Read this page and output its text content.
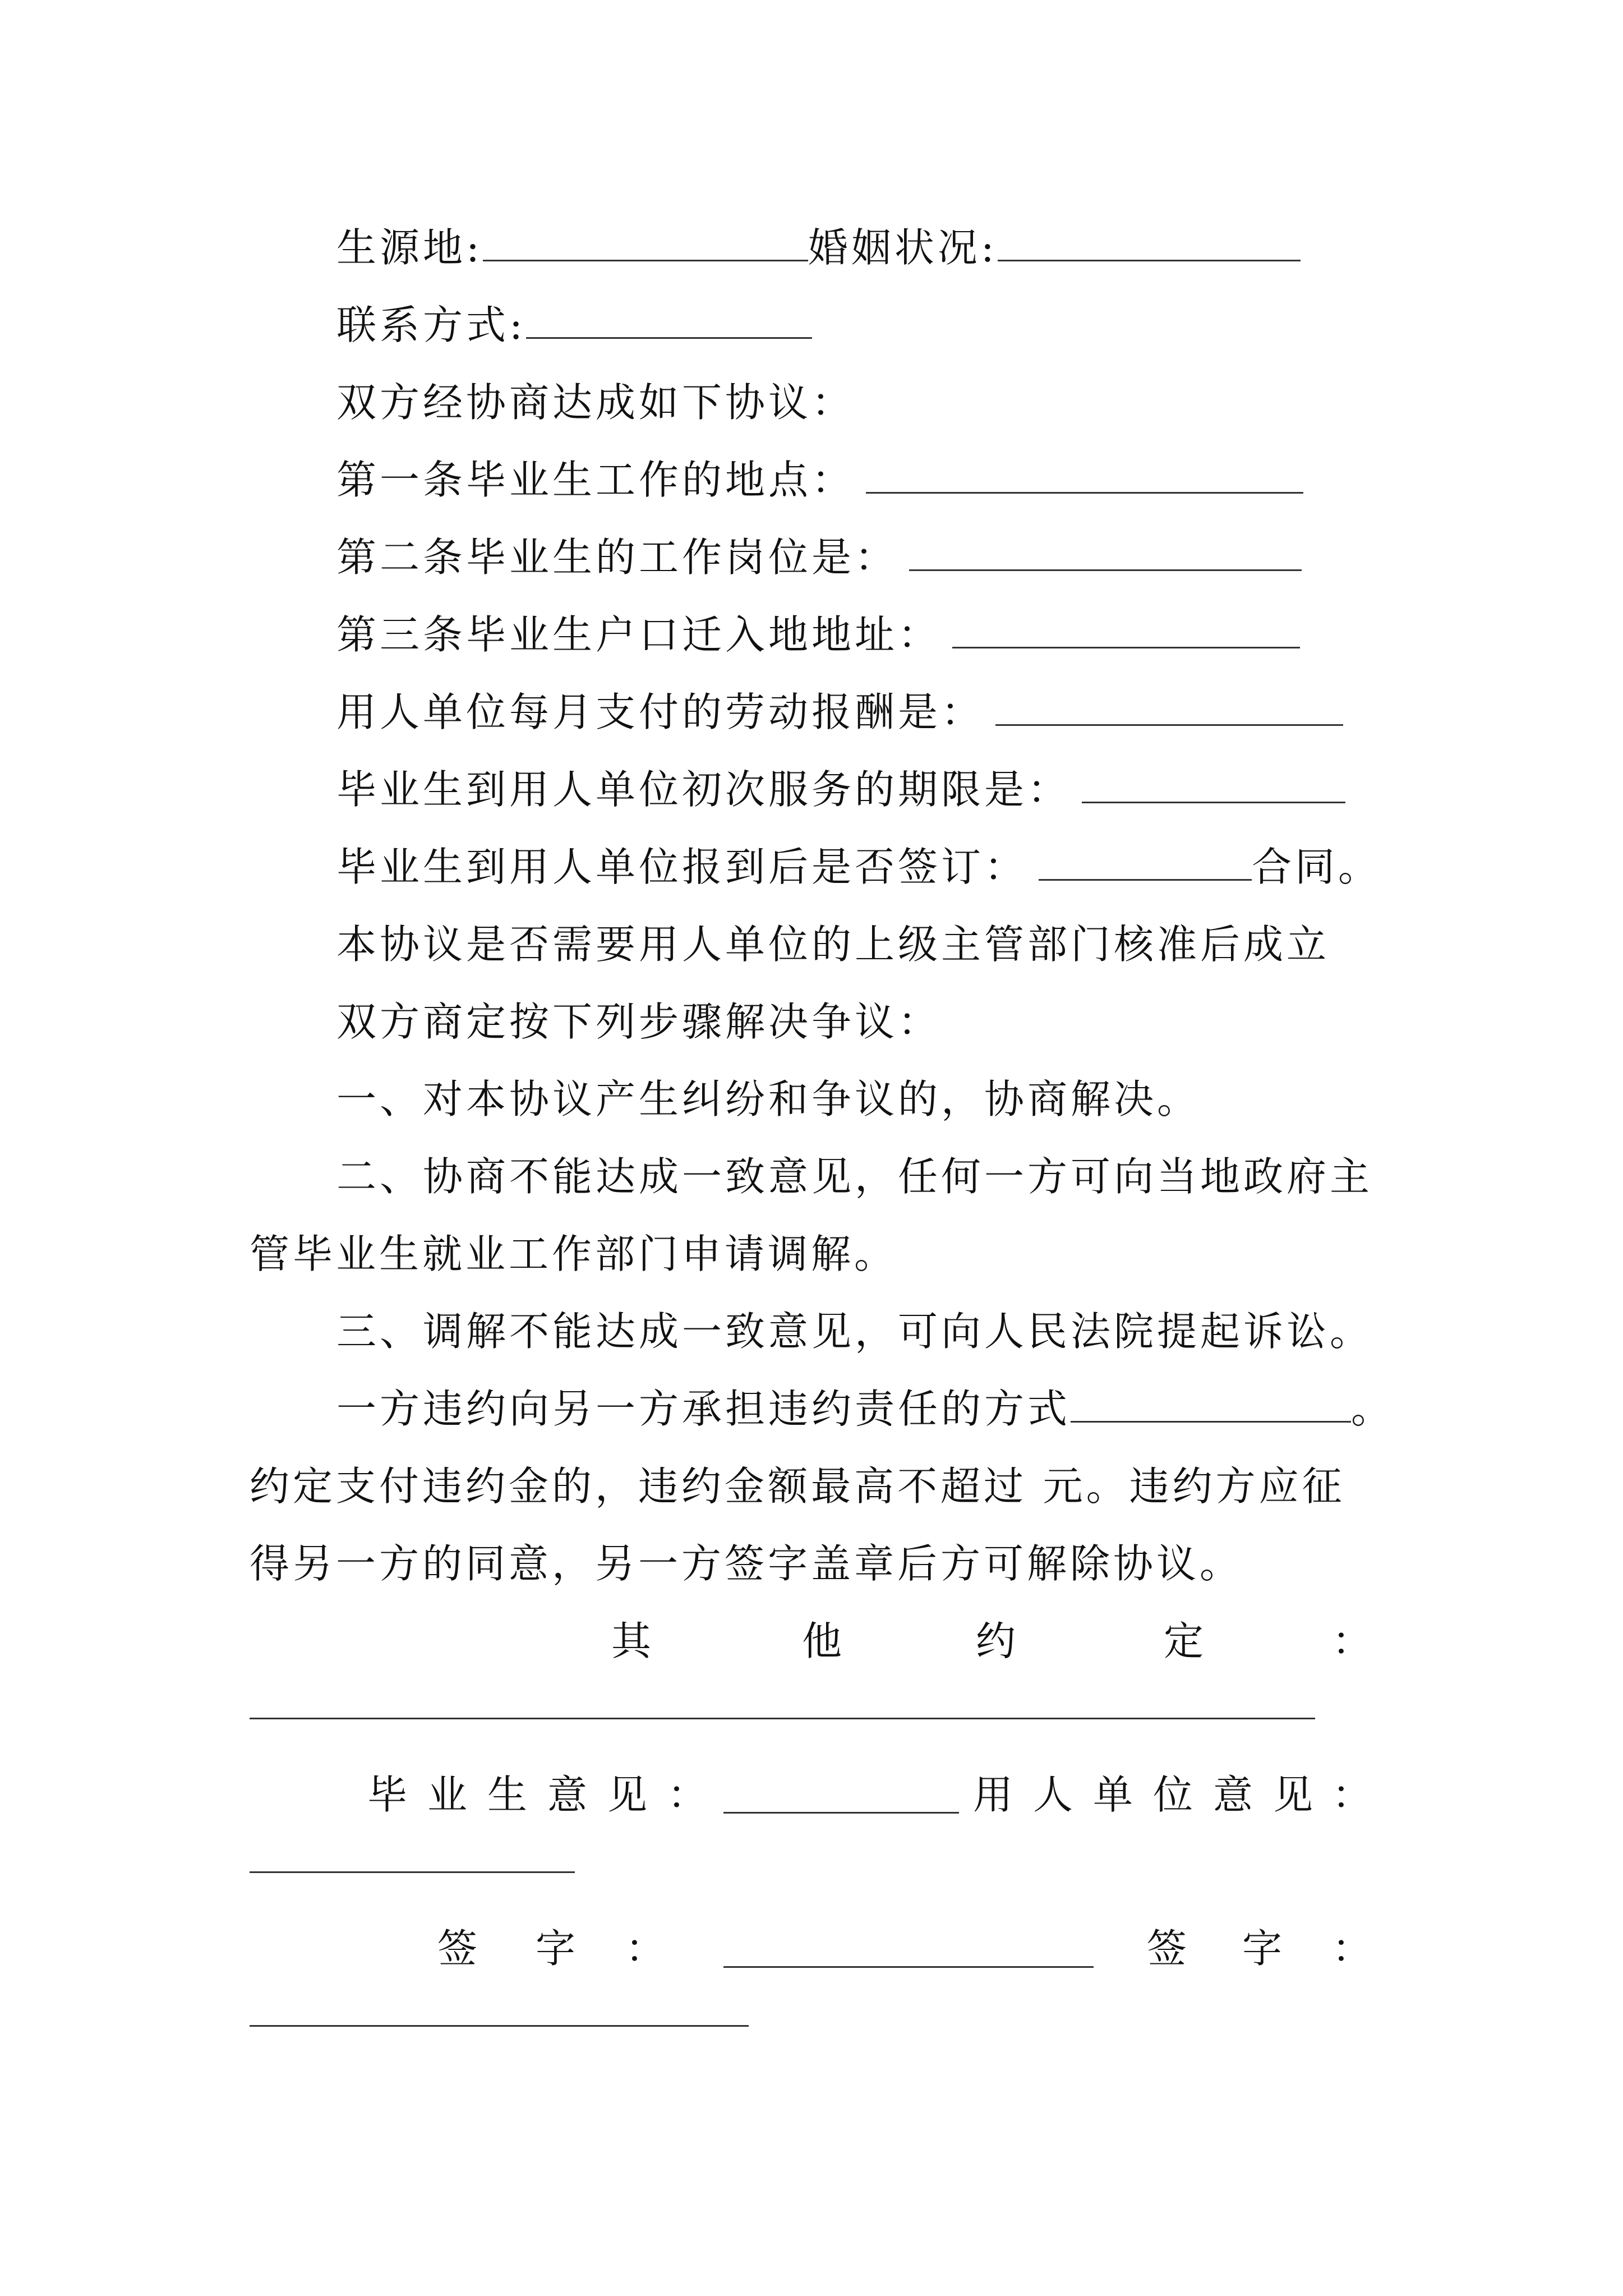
生源地:	婚姻状况:
联系方式:
双方经协商达成如下协议：
第一条毕业生工作的地点：
第二条毕业生的工作岗位是：
第三条毕业生户口迁入地地址：
用人单位每月支付的劳动报酬是：
毕业生到用人单位初次服务的期限是：
毕业生到用人单位报到后是否签订：	合同。
本协议是否需要用人单位的上级主管部门核准后成立
双方商定按下列步骤解决争议：
一、对本协议产生纠纷和争议的，协商解决。
二、协商不能达成一致意见，任何一方可向当地政府主
管毕业生就业工作部门申请调解。
三、调解不能达成一致意见，可向人民法院提起诉讼。
一方违约向另一方承担违约责任的方式	。
约定支付违约金的，违约金额最高不超过 元。违约方应征
得另一方的同意，另一方签字盖章后方可解除协议。
其	他	约	定	：
毕 业 生 意 见 ：	用 人 单 位 意 见 ：
签 字 ：	签 字 ：
